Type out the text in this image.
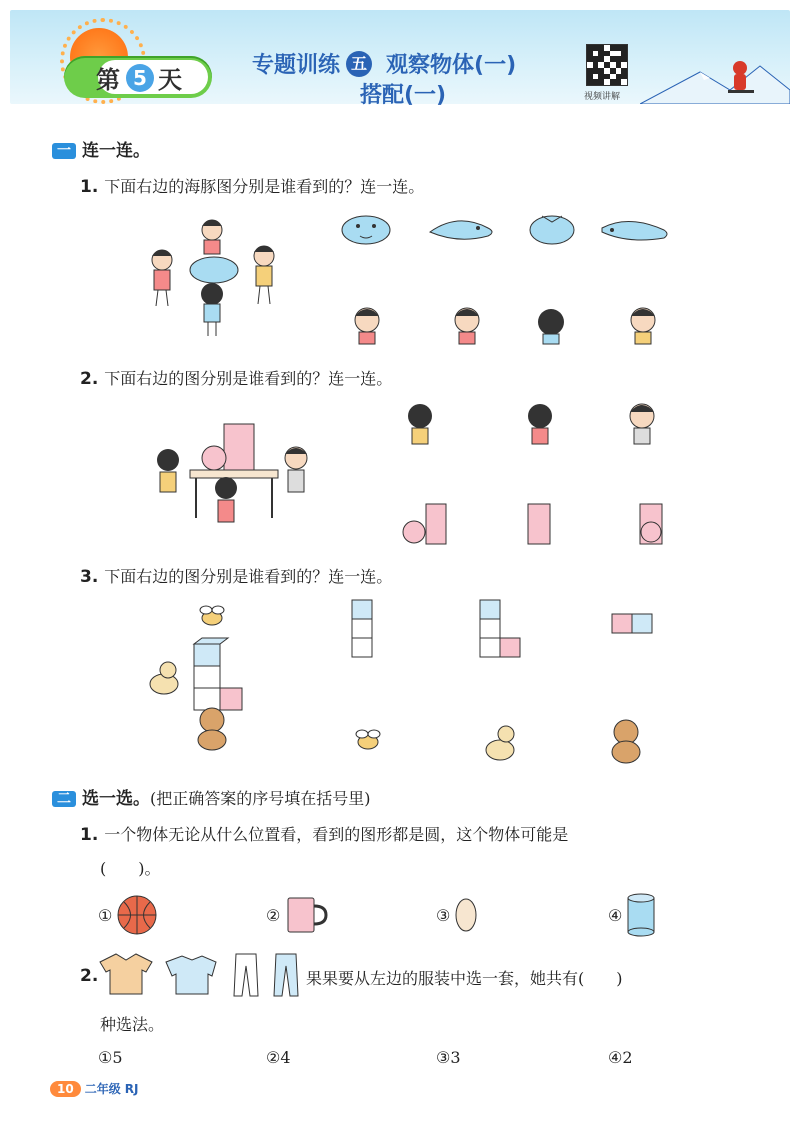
第 5 天
专题训练 五 观察物体(一)
搭配(一)	视频讲解
一 连一连。
1. 下面右边的海豚图分别是谁看到的？连一连。
2. 下面右边的图分别是谁看到的？连一连。
3. 下面右边的图分别是谁看到的？连一连。
二 选一选。(把正确答案的序号填在括号里)
1. 一个物体无论从什么位置看，看到的图形都是圆，这个物体可能是
(　　)。
①	②	③	④
2.	果果要从左边的服装中选一套，她共有(　　)
种选法。
①5	②4	③3	④2
10 二年级 RJ
